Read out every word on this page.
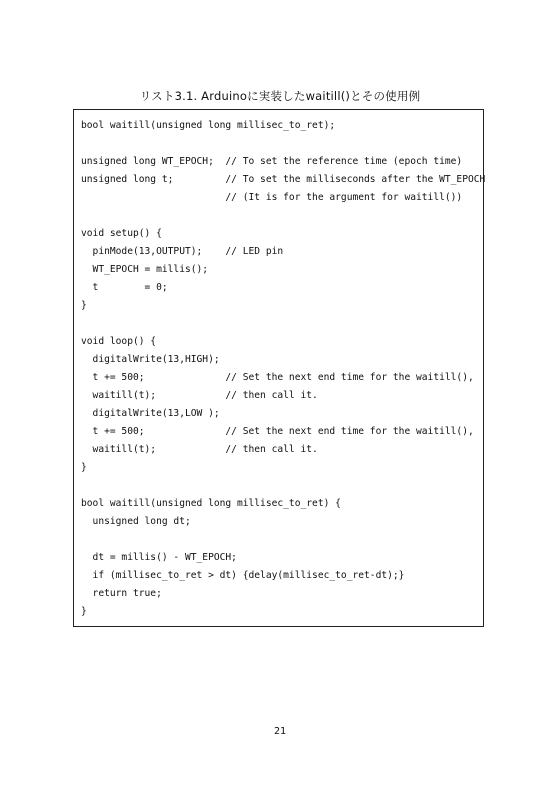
リスト3.1. Arduinoに実装したwaitill()とその使用例
bool waitill(unsigned long millisec_to_ret);
unsigned long WT_EPOCH;  // To set the reference time (epoch time)
unsigned long t;         // To set the milliseconds after the WT_EPOCH
// (It is for the argument for waitill())
void setup() {
pinMode(13,OUTPUT);    // LED pin
WT_EPOCH = millis();
t        = 0;
}
void loop() {
digitalWrite(13,HIGH);
t += 500;              // Set the next end time for the waitill(),
waitill(t);            // then call it.
digitalWrite(13,LOW );
t += 500;              // Set the next end time for the waitill(),
waitill(t);            // then call it.
}
bool waitill(unsigned long millisec_to_ret) {
unsigned long dt;
dt = millis() - WT_EPOCH;
if (millisec_to_ret > dt) {delay(millisec_to_ret-dt);}
return true;
}
21
